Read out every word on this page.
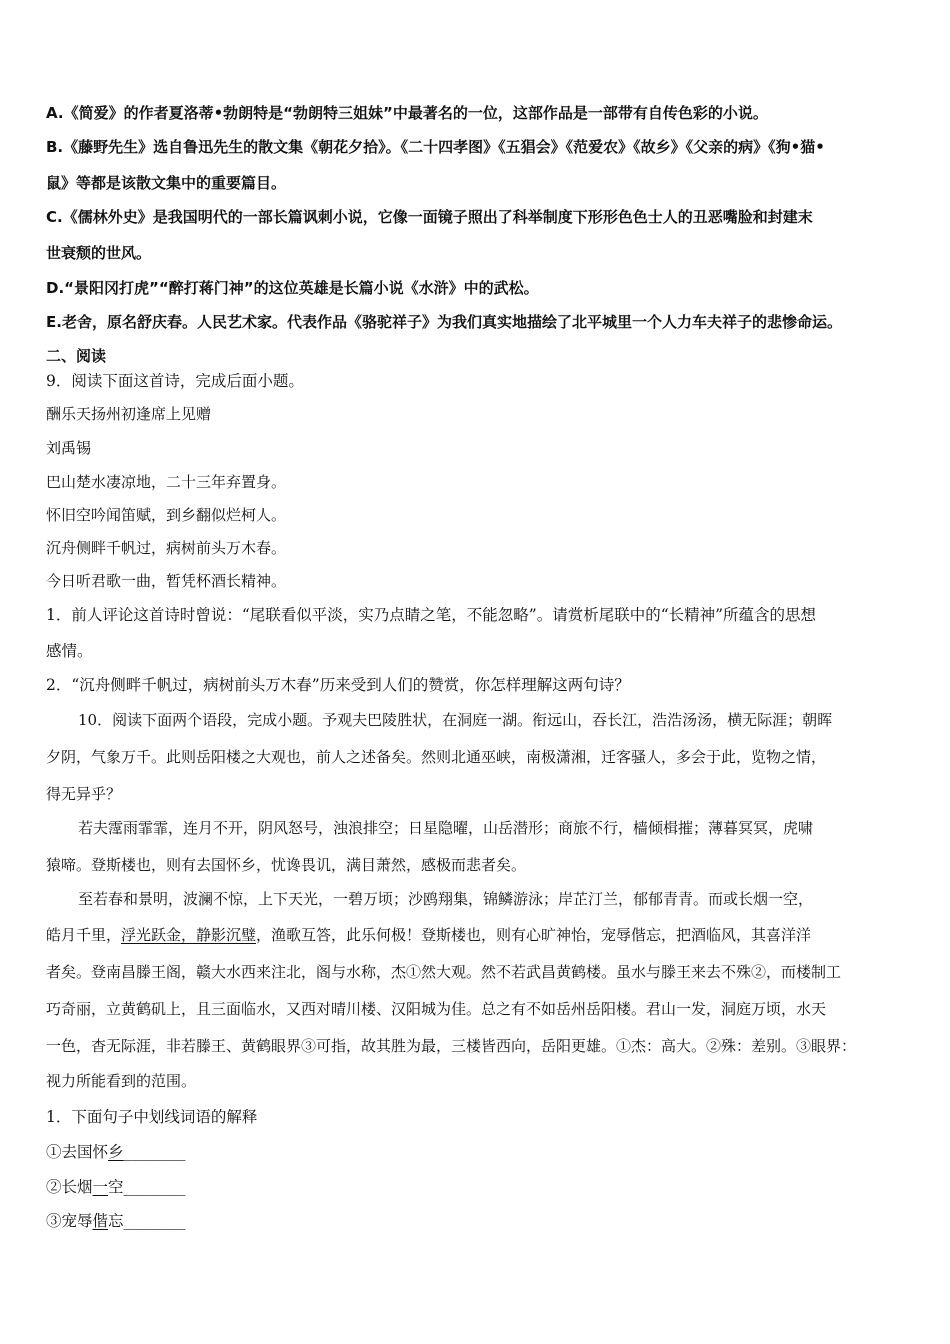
A.《简爱》的作者夏洛蒂•勃朗特是“勃朗特三姐妹”中最著名的一位，这部作品是一部带有自传色彩的小说。
B.《藤野先生》选自鲁迅先生的散文集《朝花夕拾》。《二十四孝图》《五猖会》《范爱农》《故乡》《父亲的病》《狗•猫•
鼠》等都是该散文集中的重要篇目。
C.《儒林外史》是我国明代的一部长篇讽刺小说，它像一面镜子照出了科举制度下形形色色士人的丑恶嘴脸和封建末
世衰颓的世风。
D.“景阳冈打虎”“醉打蒋门神”的这位英雄是长篇小说《水浒》中的武松。
E.老舍，原名舒庆春。人民艺术家。代表作品《骆驼祥子》为我们真实地描绘了北平城里一个人力车夫祥子的悲惨命运。
二、阅读
9．阅读下面这首诗，完成后面小题。
酬乐天扬州初逢席上见赠
刘禹锡
巴山楚水凄凉地，二十三年弃置身。
怀旧空吟闻笛赋，到乡翻似烂柯人。
沉舟侧畔千帆过，病树前头万木春。
今日听君歌一曲，暂凭杯酒长精神。
1．前人评论这首诗时曾说：“尾联看似平淡，实乃点睛之笔，不能忽略”。请赏析尾联中的“长精神”所蕴含的思想
感情。
2．“沉舟侧畔千帆过，病树前头万木春”历来受到人们的赞赏，你怎样理解这两句诗？
10．阅读下面两个语段，完成小题。予观夫巴陵胜状，在洞庭一湖。衔远山，吞长江，浩浩汤汤，横无际涯；朝晖
夕阴，气象万千。此则岳阳楼之大观也，前人之述备矣。然则北通巫峡，南极潇湘，迁客骚人，多会于此，览物之情，
得无异乎？
若夫霪雨霏霏，连月不开，阴风怒号，浊浪排空；日星隐曜，山岳潜形；商旅不行，樯倾楫摧；薄暮冥冥，虎啸
猿啼。登斯楼也，则有去国怀乡，忧谗畏讥，满目萧然，感极而悲者矣。
至若春和景明，波澜不惊，上下天光，一碧万顷；沙鸥翔集，锦鳞游泳；岸芷汀兰，郁郁青青。而或长烟一空，
皓月千里，浮光跃金，静影沉璧，渔歌互答，此乐何极！登斯楼也，则有心旷神怡，宠辱偕忘，把酒临风，其喜洋洋
者矣。登南昌滕王阁，赣大水西来注北，阁与水称，杰①然大观。然不若武昌黄鹤楼。虽水与滕王来去不殊②，而楼制工
巧奇丽，立黄鹤矶上，且三面临水，又西对晴川楼、汉阳城为佳。总之有不如岳州岳阳楼。君山一发，洞庭万顷，水天
一色，杳无际涯，非若滕王、黄鹤眼界③可指，故其胜为最，三楼皆西向，岳阳更雄。①杰：高大。②殊：差别。③眼界：
视力所能看到的范围。
1．下面句子中划线词语的解释
①去国怀乡________
②长烟一空________
③宠辱偕忘________
